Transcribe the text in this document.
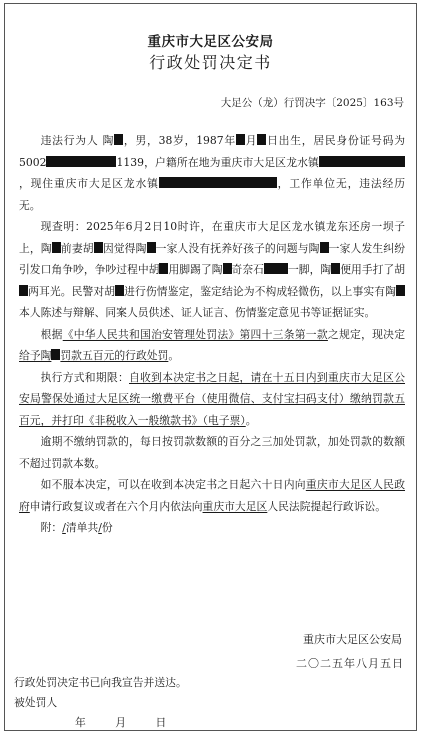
重庆市大足区公安局
行政处罚决定书
大足公（龙）行罚决字〔2025〕163号

违法行为人 陶 ，男，38岁，1987年 月 日出生，居民身份证号码为5002	1139，户籍所在地为重庆市大足区龙水镇，现住重庆市大足区龙水镇	，工作单位无，违法经历无。

现查明：2025年6月2日10时许，在重庆市大足区龙水镇龙东还房一坝子上，陶 前妻胡 因觉得陶 一家人没有抚养好孩子的问题与陶 一家人发生纠纷引发口角争吵，争吵过程中胡 用脚踢了陶 奇奈石 一脚，陶 便用手打了胡两耳光。民警对胡 进行伤情鉴定，鉴定结论为不构成轻微伤，以上事实有陶本人陈述与辩解、同案人员供述、证人证言、伤情鉴定意见书等证据证实。

根据《中华人民共和国治安管理处罚法》第四十三条第一款之规定，现决定给予陶 罚款五百元的行政处罚。

执行方式和期限：自收到本决定书之日起，请在十五日内到重庆市大足区公安局警保处通过大足区统一缴费平台（使用微信、支付宝扫码支付）缴纳罚款五百元，并打印《非税收入一般缴款书》（电子票）。

逾期不缴纳罚款的，每日按罚款数额的百分之三加处罚款，加处罚款的数额不超过罚款本数。

如不服本决定，可以在收到本决定书之日起六十日内向重庆市大足区人民政府申请行政复议或者在六个月内依法向重庆市大足区人民法院提起行政诉讼。

附：/清单共/份

重庆市大足区公安局
二〇二五年八月五日
行政处罚决定书已向我宣告并送达。
被处罚人
年 月 日
